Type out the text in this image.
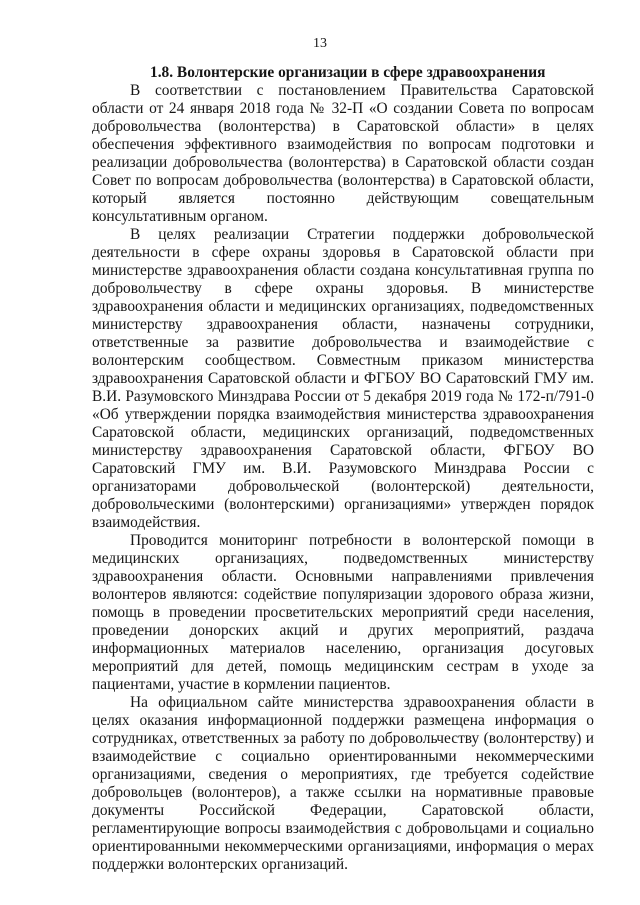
13
1.8. Волонтерские организации в сфере здравоохранения

В соответствии с постановлением Правительства Саратовской области от 24 января 2018 года № 32-П «О создании Совета по вопросам добровольчества (волонтерства) в Саратовской области» в целях обеспечения эффективного взаимодействия по вопросам подготовки и реализации добровольчества (волонтерства) в Саратовской области создан Совет по вопросам добровольчества (волонтерства) в Саратовской области, который является постоянно действующим совещательным консультативным органом.

В целях реализации Стратегии поддержки добровольческой деятельности в сфере охраны здоровья в Саратовской области при министерстве здравоохранения области создана консультативная группа по добровольчеству в сфере охраны здоровья. В министерстве здравоохранения области и медицинских организациях, подведомственных министерству здравоохранения области, назначены сотрудники, ответственные за развитие добровольчества и взаимодействие с волонтерским сообществом. Совместным приказом министерства здравоохранения Саратовской области и ФГБОУ ВО Саратовский ГМУ им. В.И. Разумовского Минздрава России от 5 декабря 2019 года № 172-п/791-0 «Об утверждении порядка взаимодействия министерства здравоохранения Саратовской области, медицинских организаций, подведомственных министерству здравоохранения Саратовской области, ФГБОУ ВО Саратовский ГМУ им. В.И. Разумовского Минздрава России с организаторами добровольческой (волонтерской) деятельности, добровольческими (волонтерскими) организациями» утвержден порядок взаимодействия.

Проводится мониторинг потребности в волонтерской помощи в медицинских организациях, подведомственных министерству здравоохранения области. Основными направлениями привлечения волонтеров являются: содействие популяризации здорового образа жизни, помощь в проведении просветительских мероприятий среди населения, проведении донорских акций и других мероприятий, раздача информационных материалов населению, организация досуговых мероприятий для детей, помощь медицинским сестрам в уходе за пациентами, участие в кормлении пациентов.

На официальном сайте министерства здравоохранения области в целях оказания информационной поддержки размещена информация о сотрудниках, ответственных за работу по добровольчеству (волонтерству) и взаимодействие с социально ориентированными некоммерческими организациями, сведения о мероприятиях, где требуется содействие добровольцев (волонтеров), а также ссылки на нормативные правовые документы Российской Федерации, Саратовской области, регламентирующие вопросы взаимодействия с добровольцами и социально ориентированными некоммерческими организациями, информация о мерах поддержки волонтерских организаций.
